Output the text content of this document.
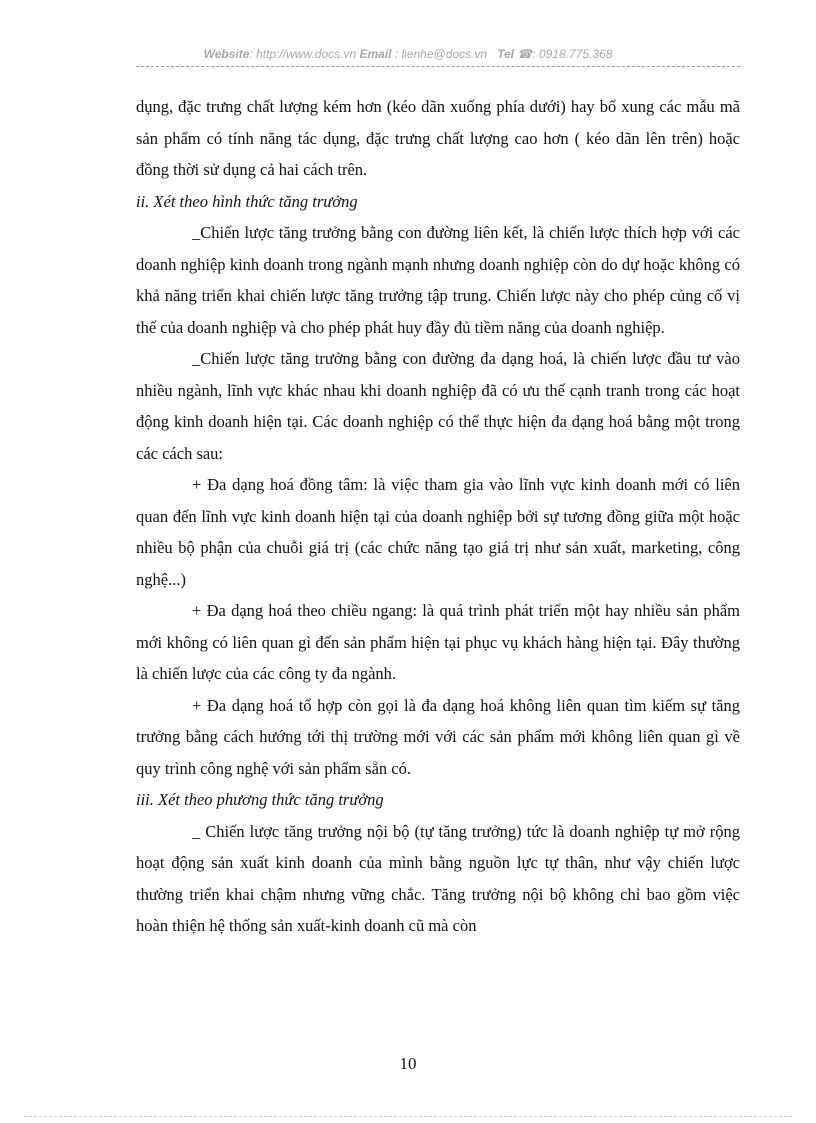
Website: http://www.docs.vn Email : lienhe@docs.vn Tel ☎: 0918.775.368

dụng, đặc trưng chất lượng kém hơn (kéo dãn xuống phía dưới) hay bổ xung các mẫu mã sản phẩm có tính năng tác dụng, đặc trưng chất lượng cao hơn ( kéo dãn lên trên) hoặc đồng thời sử dụng cả hai cách trên.

ii. Xét theo hình thức tăng trưởng

_Chiến lược tăng trưởng bằng con đường liên kết, là chiến lược thích hợp với các doanh nghiệp kinh doanh trong ngành mạnh nhưng doanh nghiệp còn do dự hoặc không có khả năng triển khai chiến lược tăng trưởng tập trung. Chiến lược này cho phép củng cố vị thế của doanh nghiệp và cho phép phát huy đầy đủ tiềm năng của doanh nghiệp.

_Chiến lược tăng trưởng bằng con đường đa dạng hoá, là chiến lược đầu tư vào nhiều ngành, lĩnh vực khác nhau khi doanh nghiệp đã có ưu thế cạnh tranh trong các hoạt động kinh doanh hiện tại. Các doanh nghiệp có thể thực hiện đa dạng hoá bằng một trong các cách sau:

+ Đa dạng hoá đồng tâm: là việc tham gia vào lĩnh vực kinh doanh mới có liên quan đến lĩnh vực kinh doanh hiện tại của doanh nghiệp bởi sự tương đồng giữa một hoặc nhiều bộ phận của chuỗi giá trị (các chức năng tạo giá trị như sản xuất, marketing, công nghệ...)

+ Đa dạng hoá theo chiều ngang: là quá trình phát triển một hay nhiều sản phẩm mới không có liên quan gì đến sản phẩm hiện tại phục vụ khách hàng hiện tại. Đây thường là chiến lược của các công ty đa ngành.

+ Đa dạng hoá tổ hợp còn gọi là đa dạng hoá không liên quan tìm kiếm sự tăng trưởng bằng cách hướng tới thị trường mới với các sản phẩm mới không liên quan gì về quy trình công nghệ với sản phẩm sẵn có.

iii. Xét theo phương thức tăng trưởng

_ Chiến lược tăng trưởng nội bộ (tự tăng trưởng) tức là doanh nghiệp tự mở rộng hoạt động sản xuất kinh doanh của mình bằng nguồn lực tự thân, như vậy chiến lược thường triển khai chậm nhưng vững chắc. Tăng trưởng nội bộ không chỉ bao gồm việc hoàn thiện hệ thống sản xuất-kinh doanh cũ mà còn

10
